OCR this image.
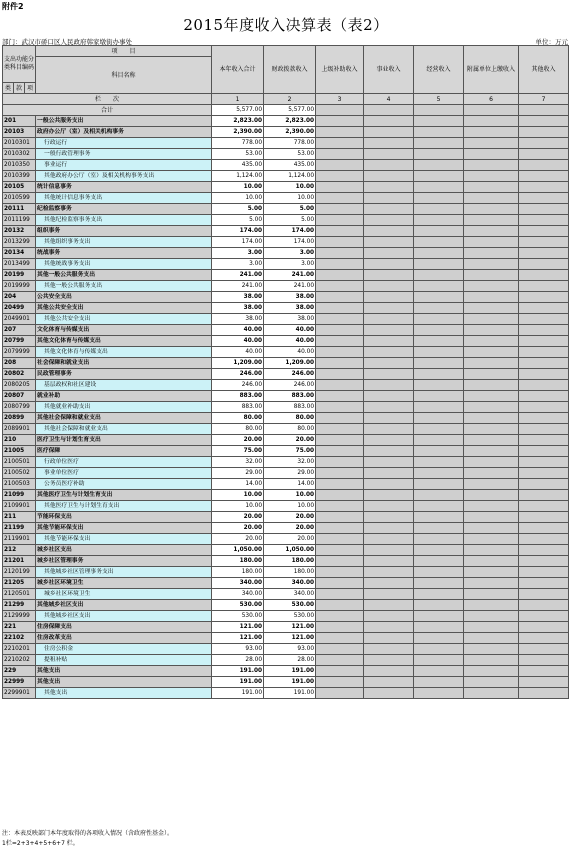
附件2
2015年度收入决算表（表2）
部门：武汉市硚口区人民政府韩家墩街办事处	单位：万元
支出功能分类科目编码			项　　目	本年收入合计	财政拨款收入	上级补助收入	事业收入	经营收入	附属单位上缴收入	其他收入
			科目名称							
类	款	项								
栏　　次				1	2	3	4	5	6	7
合计				5,577.00	5,577.00					
201			一般公共服务支出	2,823.00	2,823.00					
20103			政府办公厅（室）及相关机构事务	2,390.00	2,390.00					
2010301			行政运行	778.00	778.00					
2010302			一般行政管理事务	53.00	53.00					
2010350			事业运行	435.00	435.00					
2010399			其他政府办公厅（室）及相关机构事务支出	1,124.00	1,124.00					
20105			统计信息事务	10.00	10.00					
2010599			其他统计信息事务支出	10.00	10.00					
20111			纪检监察事务	5.00	5.00					
2011199			其他纪检监察事务支出	5.00	5.00					
20132			组织事务	174.00	174.00					
2013299			其他组织事务支出	174.00	174.00					
20134			统战事务	3.00	3.00					
2013499			其他统战事务支出	3.00	3.00					
20199			其他一般公共服务支出	241.00	241.00					
2019999			其他一般公共服务支出	241.00	241.00					
204			公共安全支出	38.00	38.00					
20499			其他公共安全支出	38.00	38.00					
2049901			其他公共安全支出	38.00	38.00					
207			文化体育与传媒支出	40.00	40.00					
20799			其他文化体育与传媒支出	40.00	40.00					
2079999			其他文化体育与传媒支出	40.00	40.00					
208			社会保障和就业支出	1,209.00	1,209.00					
20802			民政管理事务	246.00	246.00					
2080205			基层政权和社区建设	246.00	246.00					
20807			就业补助	883.00	883.00					
2080799			其他就业补助支出	883.00	883.00					
20899			其他社会保障和就业支出	80.00	80.00					
2089901			其他社会保障和就业支出	80.00	80.00					
210			医疗卫生与计划生育支出	20.00	20.00					
21005			医疗保障	75.00	75.00					
2100501			行政单位医疗	32.00	32.00					
2100502			事业单位医疗	29.00	29.00					
2100503			公务员医疗补助	14.00	14.00					
21099			其他医疗卫生与计划生育支出	10.00	10.00					
2109901			其他医疗卫生与计划生育支出	10.00	10.00					
211			节能环保支出	20.00	20.00					
21199			其他节能环保支出	20.00	20.00					
2119901			其他节能环保支出	20.00	20.00					
212			城乡社区支出	1,050.00	1,050.00					
21201			城乡社区管理事务	180.00	180.00					
2120199			其他城乡社区管理事务支出	180.00	180.00					
21205			城乡社区环境卫生	340.00	340.00					
2120501			城乡社区环境卫生	340.00	340.00					
21299			其他城乡社区支出	530.00	530.00					
2129999			其他城乡社区支出	530.00	530.00					
221			住房保障支出	121.00	121.00					
22102			住房改革支出	121.00	121.00					
2210201			住房公积金	93.00	93.00					
2210202			提租补贴	28.00	28.00					
229			其他支出	191.00	191.00					
22999			其他支出	191.00	191.00					
2299901			其他支出	191.00	191.00					
注：本表反映部门本年度取得的各项收入情况（含政府性基金）。
1栏=2+3+4+5+6+7 栏。
